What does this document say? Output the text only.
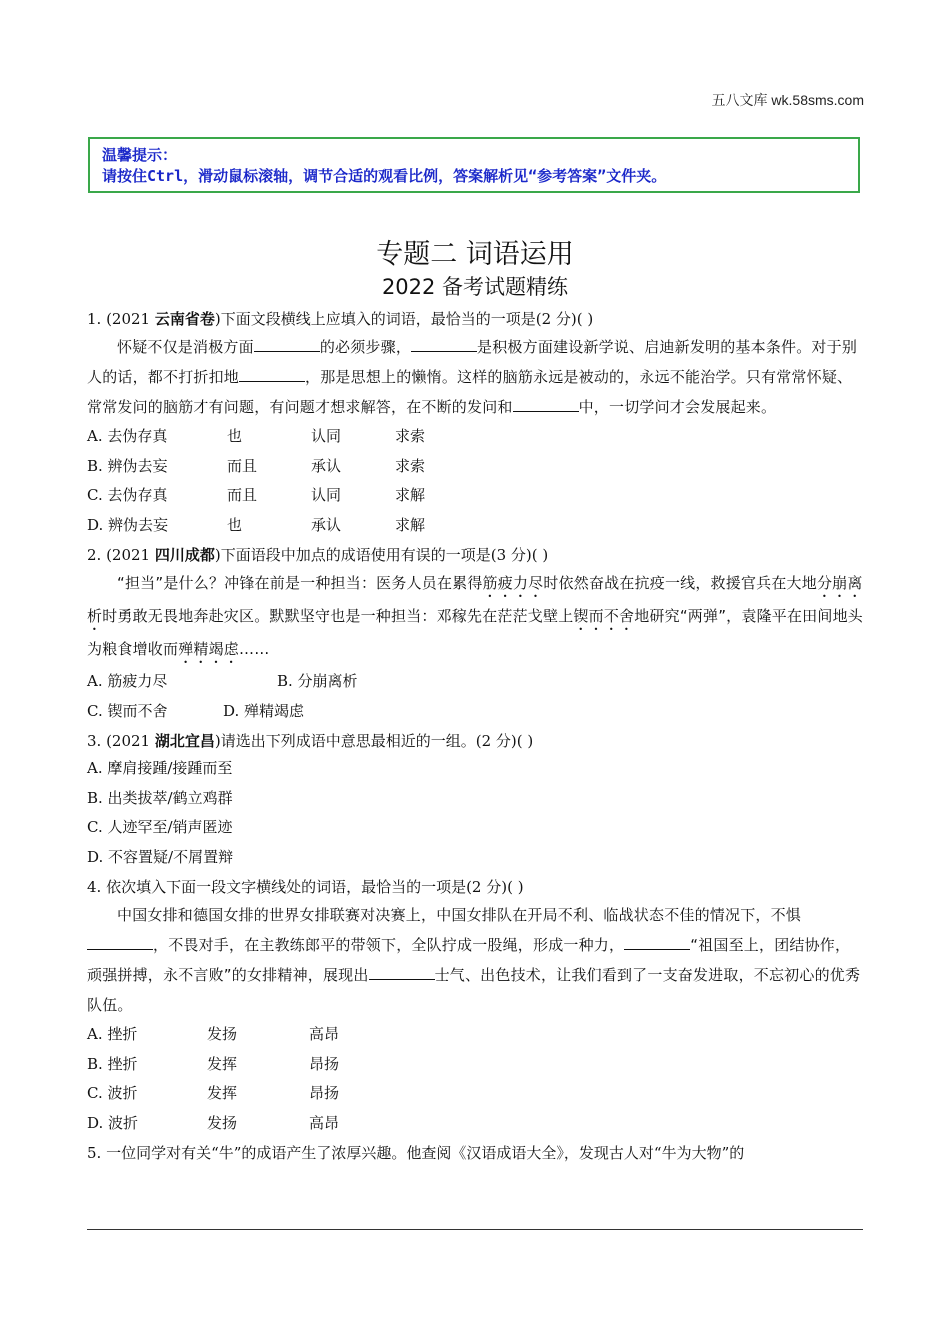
五八文库 wk.58sms.com
温馨提示：
请按住Ctrl，滑动鼠标滚轴，调节合适的观看比例，答案解析见“参考答案”文件夹。
专题二 词语运用
2022 备考试题精练
1. (2021 云南省卷)下面文段横线上应填入的词语，最恰当的一项是(2 分)( )
怀疑不仅是消极方面	的必须步骤，	是积极方面建设新学说、启迪新发明的基本条件。对于别人的话，都不打折扣地	，那是思想上的懒惰。这样的脑筋永远是被动的，永远不能治学。只有常常怀疑、常常发问的脑筋才有问题，有问题才想求解答，在不断的发问和	中，一切学问才会发展起来。
A. 去伪存真	也	认同	求索
B. 辨伪去妄	而且	承认	求索
C. 去伪存真	而且	认同	求解
D. 辨伪去妄	也	承认	求解
2. (2021 四川成都)下面语段中加点的成语使用有误的一项是(3 分)( )
“担当”是什么？冲锋在前是一种担当：医务人员在累得筋疲力尽时依然奋战在抗疫一线，救援官兵在大地分崩离析时勇敢无畏地奔赴灾区。默默坚守也是一种担当：邓稼先在茫茫戈壁上锲而不舍地研究“两弹”，袁隆平在田间地头为粮食增收而殚精竭虑……
A. 筋疲力尽	B. 分崩离析
C. 锲而不舍	D. 殚精竭虑
3. (2021 湖北宜昌)请选出下列成语中意思最相近的一组。(2 分)( )
A. 摩肩接踵/接踵而至
B. 出类拔萃/鹤立鸡群
C. 人迹罕至/销声匿迹
D. 不容置疑/不屑置辩
4. 依次填入下面一段文字横线处的词语，最恰当的一项是(2 分)( )
中国女排和德国女排的世界女排联赛对决赛上，中国女排队在开局不利、临战状态不佳的情况下，不惧，不畏对手，在主教练郎平的带领下，全队拧成一股绳，形成一种力，	“祖国至上，团结协作，顽强拼搏，永不言败”的女排精神，展现出	士气、出色技术，让我们看到了一支奋发进取，不忘初心的优秀队伍。
A. 挫折	发扬	高昂
B. 挫折	发挥	昂扬
C. 波折	发挥	昂扬
D. 波折	发扬	高昂
5. 一位同学对有关“牛”的成语产生了浓厚兴趣。他查阅《汉语成语大全》，发现古人对“牛为大物”的
